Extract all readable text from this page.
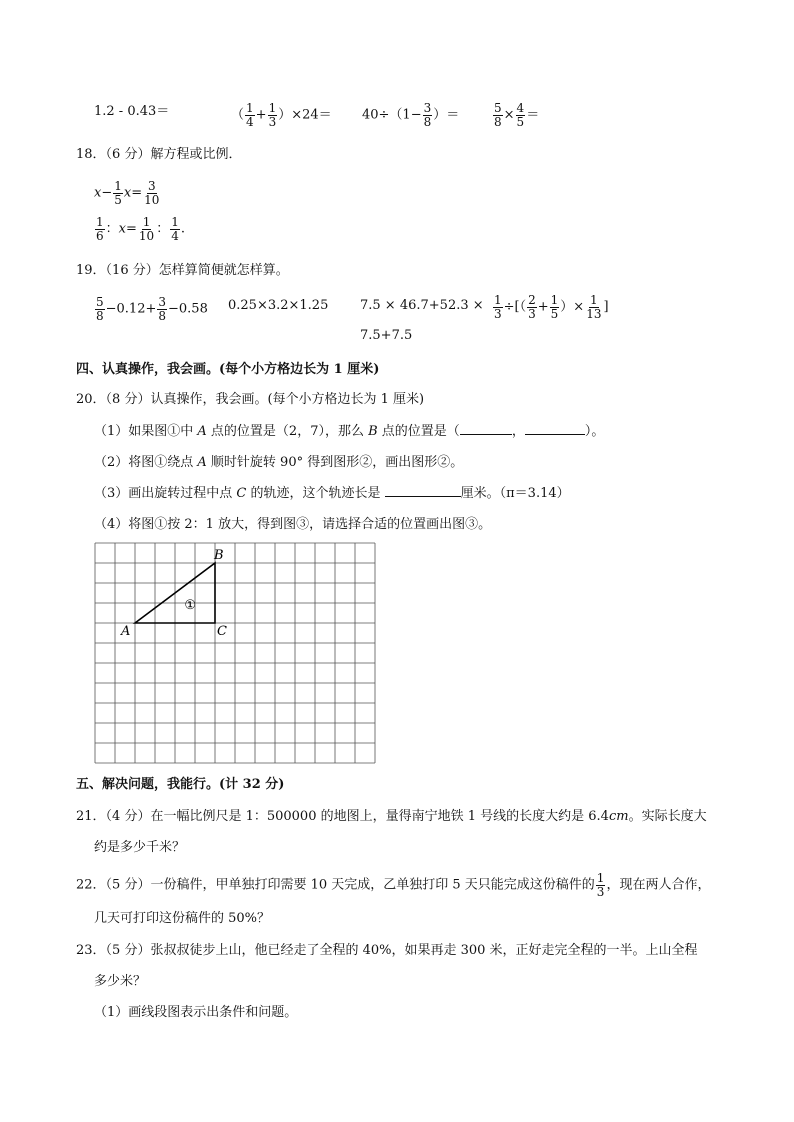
1.2 - 0.43＝	（ $\frac{1}{4} + \frac{1}{3} )\times 24= 40\div(1- \frac{3}{8}$ ）＝	$\frac{5}{8} \times \frac{4}{5}$ ＝
18．（6 分）解方程或比例．
$x- \frac{1}{5} x= \frac{3}{10}$
$\frac{1}{6}$ ：$x= \frac{1}{10}$ ： $\frac{1}{4}$ .
19．（16 分）怎样算简便就怎样算。
$\frac{5}{8} -0.12+ \frac{3}{8} -0.58$ 0.25×3.2×1.25 7.5 × 46.7+52.3 ×
7.5+7.5
$\frac{1}{3}$ ÷[（ $\frac{2}{3} + \frac{1}{5}$ ）× $\frac{1}{13}$ ]
四、认真操作，我会画。(每个小方格边长为 1 厘米)
20．（8 分）认真操作，我会画。(每个小方格边长为 1 厘米)
（1）如果图①中 A 点的位置是（2，7），那么 B 点的位置是（	，	）。
（2）将图①绕点 A 顺时针旋转 90° 得到图形②，画出图形②。
（3）画出旋转过程中点 C 的轨迹，这个轨迹长是	厘米。（π＝3.14）
（4）将图①按 2：1 放大，得到图③，请选择合适的位置画出图③。
A
B
C
①
五、解决问题，我能行。(计 32 分)
21．（4 分）在一幅比例尺是 1：500000 的地图上，量得南宁地铁 1 号线的长度大约是 6.4cm。实际长度大
约是多少千米？
22．（5 分）一份稿件，甲单独打印需要 10 天完成，乙单独打印 5 天只能完成这份稿件的 $\frac{1}{3}$ ，现在两人合作，
几天可打印这份稿件的 50%？
23．（5 分）张叔叔徒步上山，他已经走了全程的 40%，如果再走 300 米，正好走完全程的一半。上山全程
多少米？
（1）画线段图表示出条件和问题。
